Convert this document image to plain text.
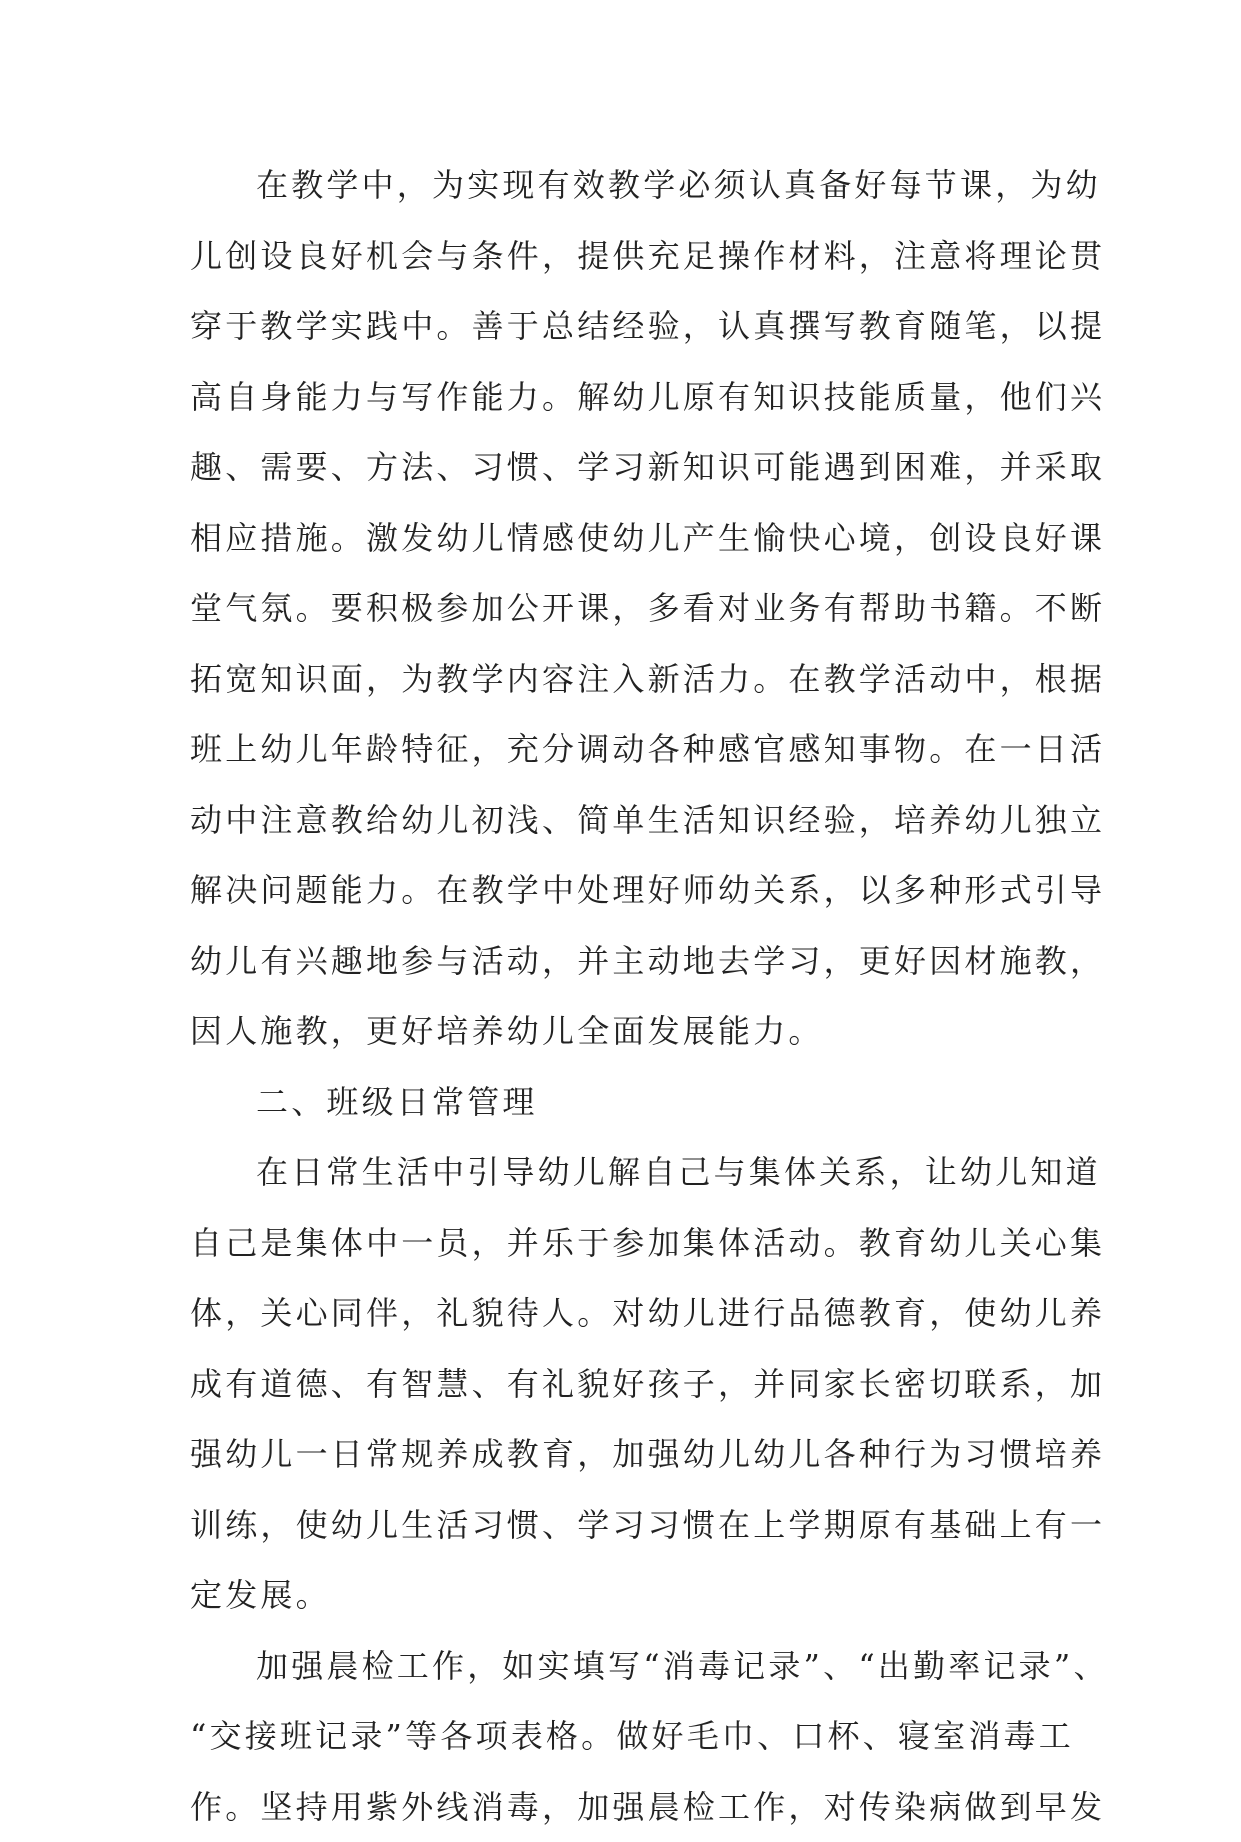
在教学中，为实现有效教学必须认真备好每节课，为幼
儿创设良好机会与条件，提供充足操作材料，注意将理论贯
穿于教学实践中。善于总结经验，认真撰写教育随笔，以提
高自身能力与写作能力。解幼儿原有知识技能质量，他们兴
趣、需要、方法、习惯、学习新知识可能遇到困难，并采取
相应措施。激发幼儿情感使幼儿产生愉快心境，创设良好课
堂气氛。要积极参加公开课，多看对业务有帮助书籍。不断
拓宽知识面，为教学内容注入新活力。在教学活动中，根据
班上幼儿年龄特征，充分调动各种感官感知事物。在一日活
动中注意教给幼儿初浅、简单生活知识经验，培养幼儿独立
解决问题能力。在教学中处理好师幼关系，以多种形式引导
幼儿有兴趣地参与活动，并主动地去学习，更好因材施教，
因人施教，更好培养幼儿全面发展能力。
二、班级日常管理
在日常生活中引导幼儿解自己与集体关系，让幼儿知道
自己是集体中一员，并乐于参加集体活动。教育幼儿关心集
体，关心同伴，礼貌待人。对幼儿进行品德教育，使幼儿养
成有道德、有智慧、有礼貌好孩子，并同家长密切联系，加
强幼儿一日常规养成教育，加强幼儿幼儿各种行为习惯培养
训练，使幼儿生活习惯、学习习惯在上学期原有基础上有一
定发展。
加强晨检工作，如实填写“消毒记录”、“出勤率记录”、
“交接班记录”等各项表格。做好毛巾、口杯、寝室消毒工
作。坚持用紫外线消毒，加强晨检工作，对传染病做到早发
